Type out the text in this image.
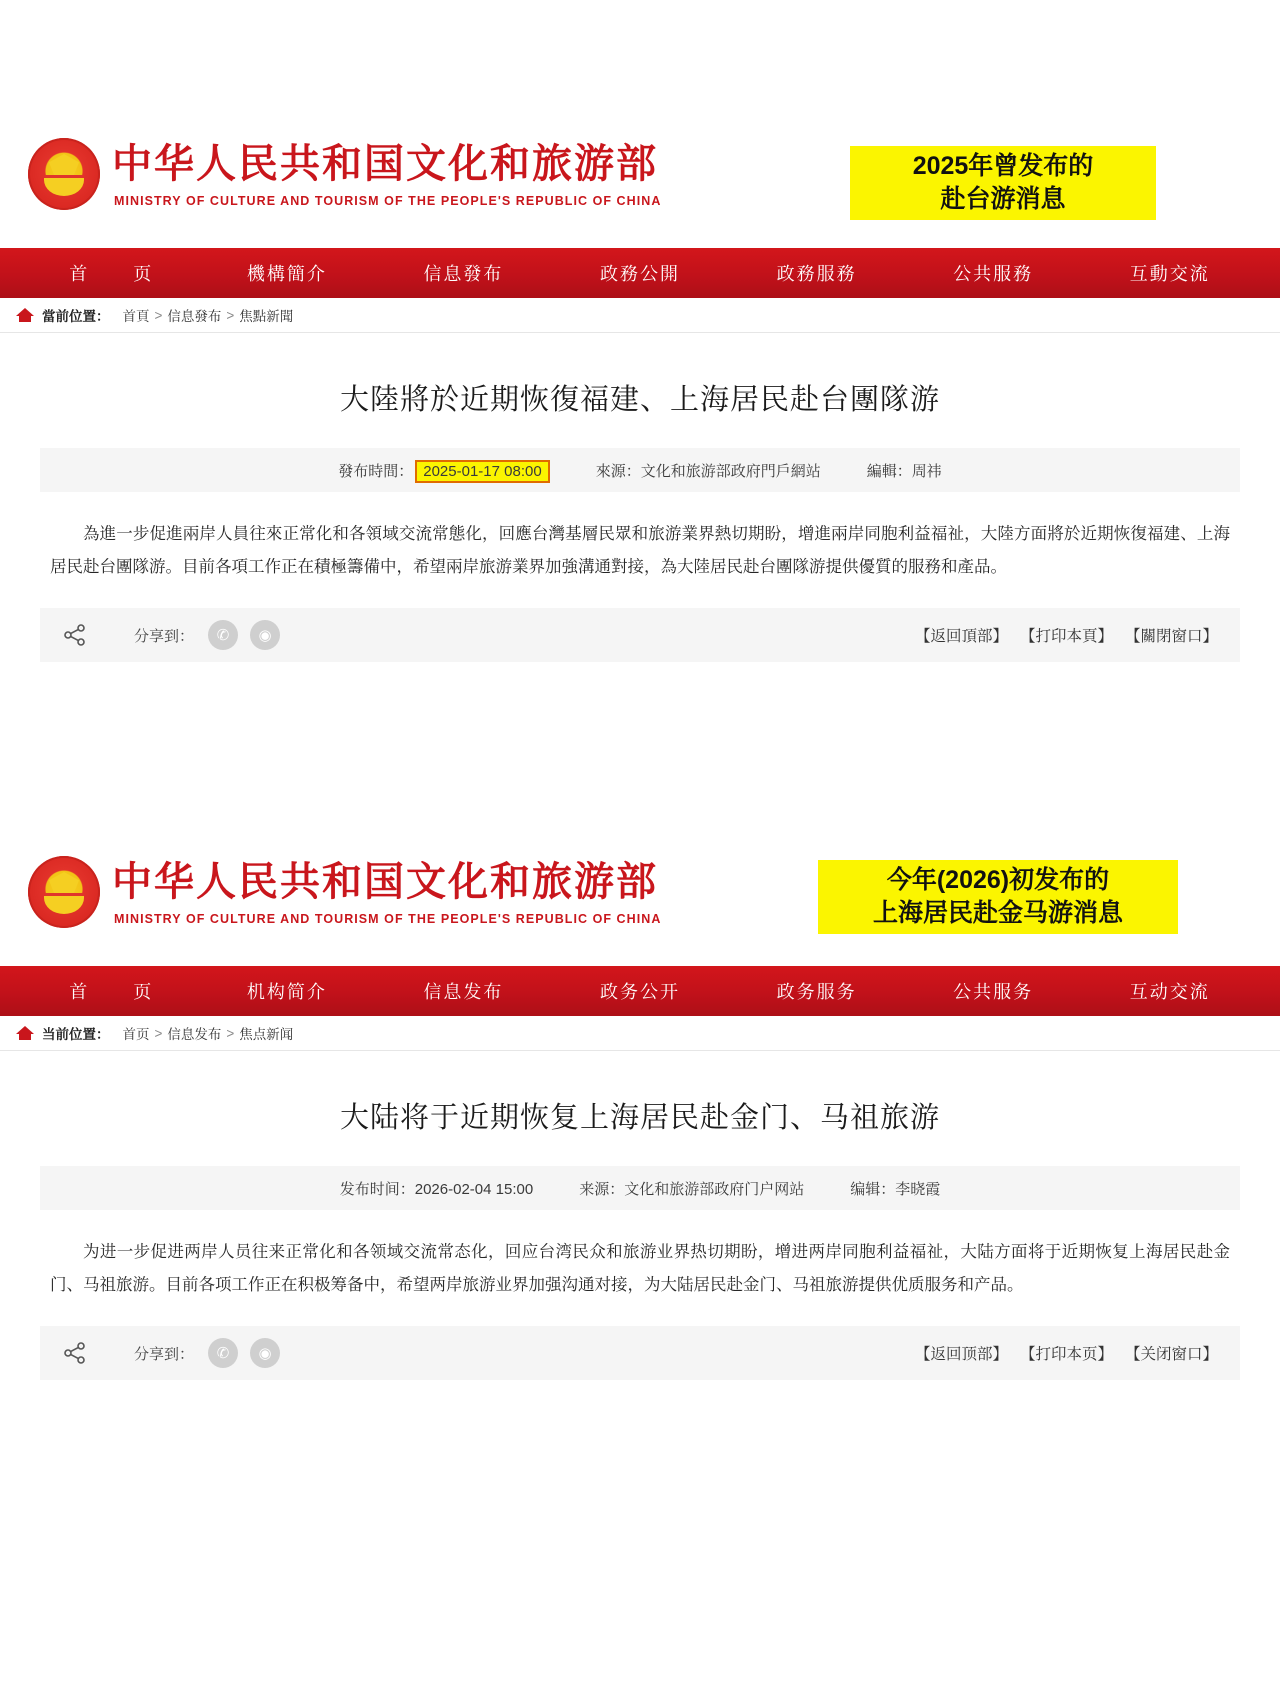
中华人民共和国文化和旅游部
MINISTRY OF CULTURE AND TOURISM OF THE PEOPLE'S REPUBLIC OF CHINA
2025年曾发布的
赴台游消息
首　页	機構簡介	信息發布	政務公開	政務服務	公共服務	互動交流
當前位置： 首頁 > 信息發布 > 焦點新聞
大陸將於近期恢復福建、上海居民赴台團隊游
發布時間： 2025-01-17 08:00	來源：文化和旅游部政府門戶網站	編輯：周祎
為進一步促進兩岸人員往來正常化和各領域交流常態化，回應台灣基層民眾和旅游業界熱切期盼，增進兩岸同胞利益福祉，大陸方面將於近期恢復福建、上海居民赴台團隊游。目前各項工作正在積極籌備中，希望兩岸旅游業界加強溝通對接，為大陸居民赴台團隊游提供優質的服務和產品。
分享到：	✆	◉	【返回頂部】 【打印本頁】 【關閉窗口】
中华人民共和国文化和旅游部
MINISTRY OF CULTURE AND TOURISM OF THE PEOPLE'S REPUBLIC OF CHINA
今年(2026)初发布的
上海居民赴金马游消息
首　页	机构简介	信息发布	政务公开	政务服务	公共服务	互动交流
当前位置： 首页 > 信息发布 > 焦点新闻
大陆将于近期恢复上海居民赴金门、马祖旅游
发布时间：2026-02-04 15:00	来源：文化和旅游部政府门户网站	编辑：李晓霞
为进一步促进两岸人员往来正常化和各领域交流常态化，回应台湾民众和旅游业界热切期盼，增进两岸同胞利益福祉，大陆方面将于近期恢复上海居民赴金门、马祖旅游。目前各项工作正在积极筹备中，希望两岸旅游业界加强沟通对接，为大陆居民赴金门、马祖旅游提供优质服务和产品。
分享到：	✆	◉	【返回顶部】 【打印本页】 【关闭窗口】
